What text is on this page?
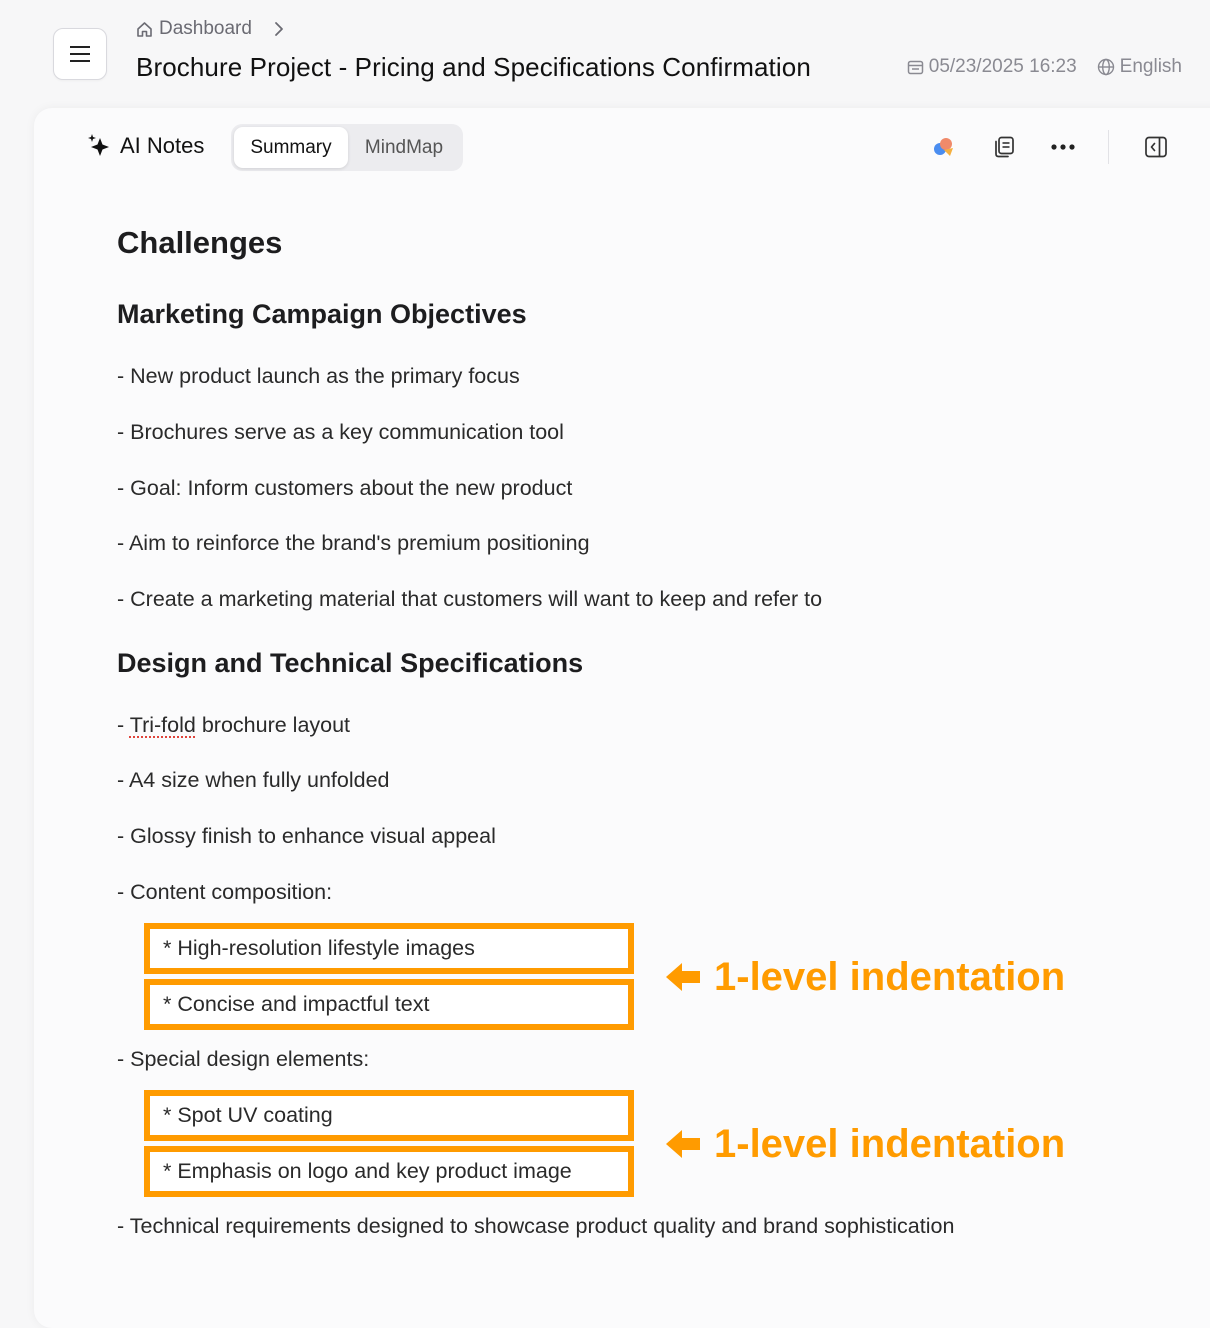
Dashboard
Brochure Project - Pricing and Specifications Confirmation	05/23/2025 16:23 English
AI Notes	Summary	MindMap
Challenges
Marketing Campaign Objectives
- New product launch as the primary focus
- Brochures serve as a key communication tool
- Goal: Inform customers about the new product
- Aim to reinforce the brand's premium positioning
- Create a marketing material that customers will want to keep and refer to
Design and Technical Specifications
- Tri-fold brochure layout
- A4 size when fully unfolded
- Glossy finish to enhance visual appeal
- Content composition:
* High-resolution lifestyle images
* Concise and impactful text
1-level indentation
- Special design elements:
* Spot UV coating
* Emphasis on logo and key product image
1-level indentation
- Technical requirements designed to showcase product quality and brand sophistication
